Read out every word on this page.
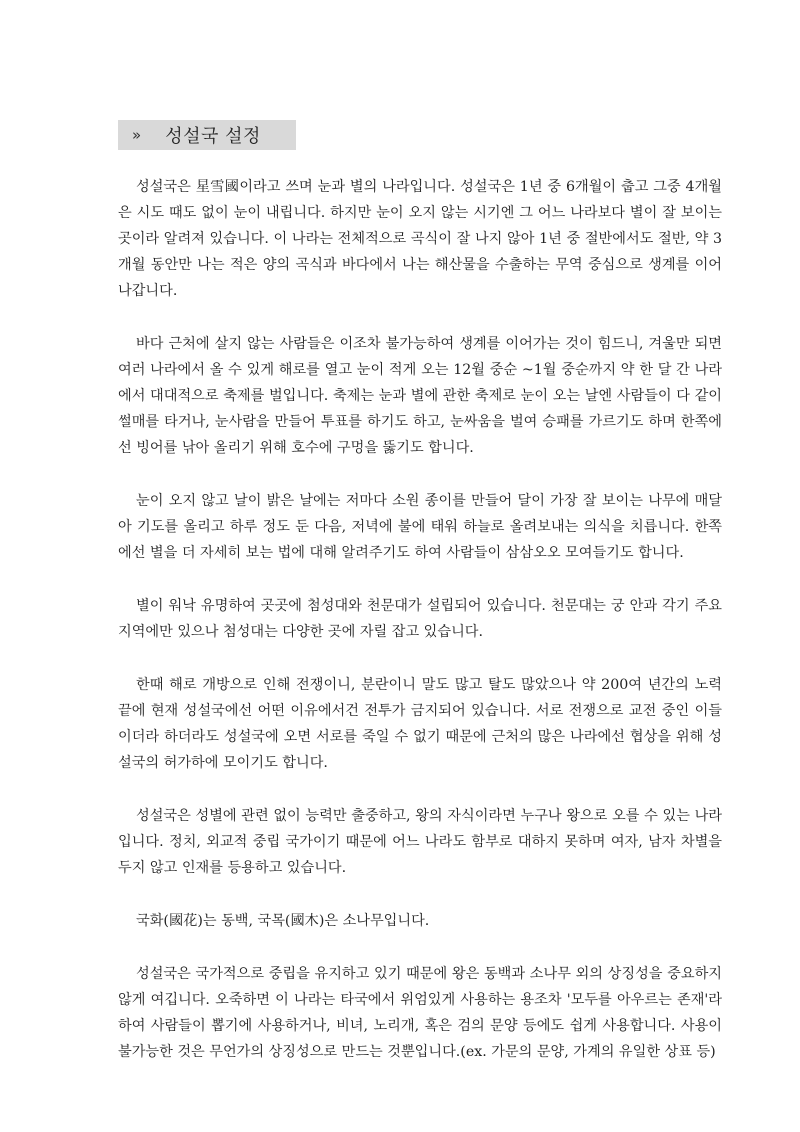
» 성설국 설정

성설국은 星雪國이라고 쓰며 눈과 별의 나라입니다. 성설국은 1년 중 6개월이 춥고 그중 4개월은 시도 때도 없이 눈이 내립니다. 하지만 눈이 오지 않는 시기엔 그 어느 나라보다 별이 잘 보이는 곳이라 알려져 있습니다. 이 나라는 전체적으로 곡식이 잘 나지 않아 1년 중 절반에서도 절반, 약 3개월 동안만 나는 적은 양의 곡식과 바다에서 나는 해산물을 수출하는 무역 중심으로 생계를 이어 나갑니다.

바다 근처에 살지 않는 사람들은 이조차 불가능하여 생계를 이어가는 것이 힘드니, 겨울만 되면 여러 나라에서 올 수 있게 해로를 열고 눈이 적게 오는 12월 중순 ~1월 중순까지 약 한 달 간 나라에서 대대적으로 축제를 벌입니다. 축제는 눈과 별에 관한 축제로 눈이 오는 날엔 사람들이 다 같이 썰매를 타거나, 눈사람을 만들어 투표를 하기도 하고, 눈싸움을 벌여 승패를 가르기도 하며 한쪽에선 빙어를 낚아 올리기 위해 호수에 구멍을 뚫기도 합니다.

눈이 오지 않고 날이 밝은 날에는 저마다 소원 종이를 만들어 달이 가장 잘 보이는 나무에 매달아 기도를 올리고 하루 정도 둔 다음, 저녁에 불에 태워 하늘로 올려보내는 의식을 치릅니다. 한쪽에선 별을 더 자세히 보는 법에 대해 알려주기도 하여 사람들이 삼삼오오 모여들기도 합니다.

별이 워낙 유명하여 곳곳에 첨성대와 천문대가 설립되어 있습니다. 천문대는 궁 안과 각기 주요 지역에만 있으나 첨성대는 다양한 곳에 자릴 잡고 있습니다.

한때 해로 개방으로 인해 전쟁이니, 분란이니 말도 많고 탈도 많았으나 약 200여 년간의 노력 끝에 현재 성설국에선 어떤 이유에서건 전투가 금지되어 있습니다. 서로 전쟁으로 교전 중인 이들이더라 하더라도 성설국에 오면 서로를 죽일 수 없기 때문에 근처의 많은 나라에선 협상을 위해 성설국의 허가하에 모이기도 합니다.

성설국은 성별에 관련 없이 능력만 출중하고, 왕의 자식이라면 누구나 왕으로 오를 수 있는 나라입니다. 정치, 외교적 중립 국가이기 때문에 어느 나라도 함부로 대하지 못하며 여자, 남자 차별을 두지 않고 인재를 등용하고 있습니다.

국화(國花)는 동백, 국목(國木)은 소나무입니다.

성설국은 국가적으로 중립을 유지하고 있기 때문에 왕은 동백과 소나무 외의 상징성을 중요하지 않게 여깁니다. 오죽하면 이 나라는 타국에서 위엄있게 사용하는 용조차 '모두를 아우르는 존재'라 하여 사람들이 뽑기에 사용하거나, 비녀, 노리개, 혹은 검의 문양 등에도 쉽게 사용합니다. 사용이 불가능한 것은 무언가의 상징성으로 만드는 것뿐입니다.(ex. 가문의 문양, 가계의 유일한 상표 등)
